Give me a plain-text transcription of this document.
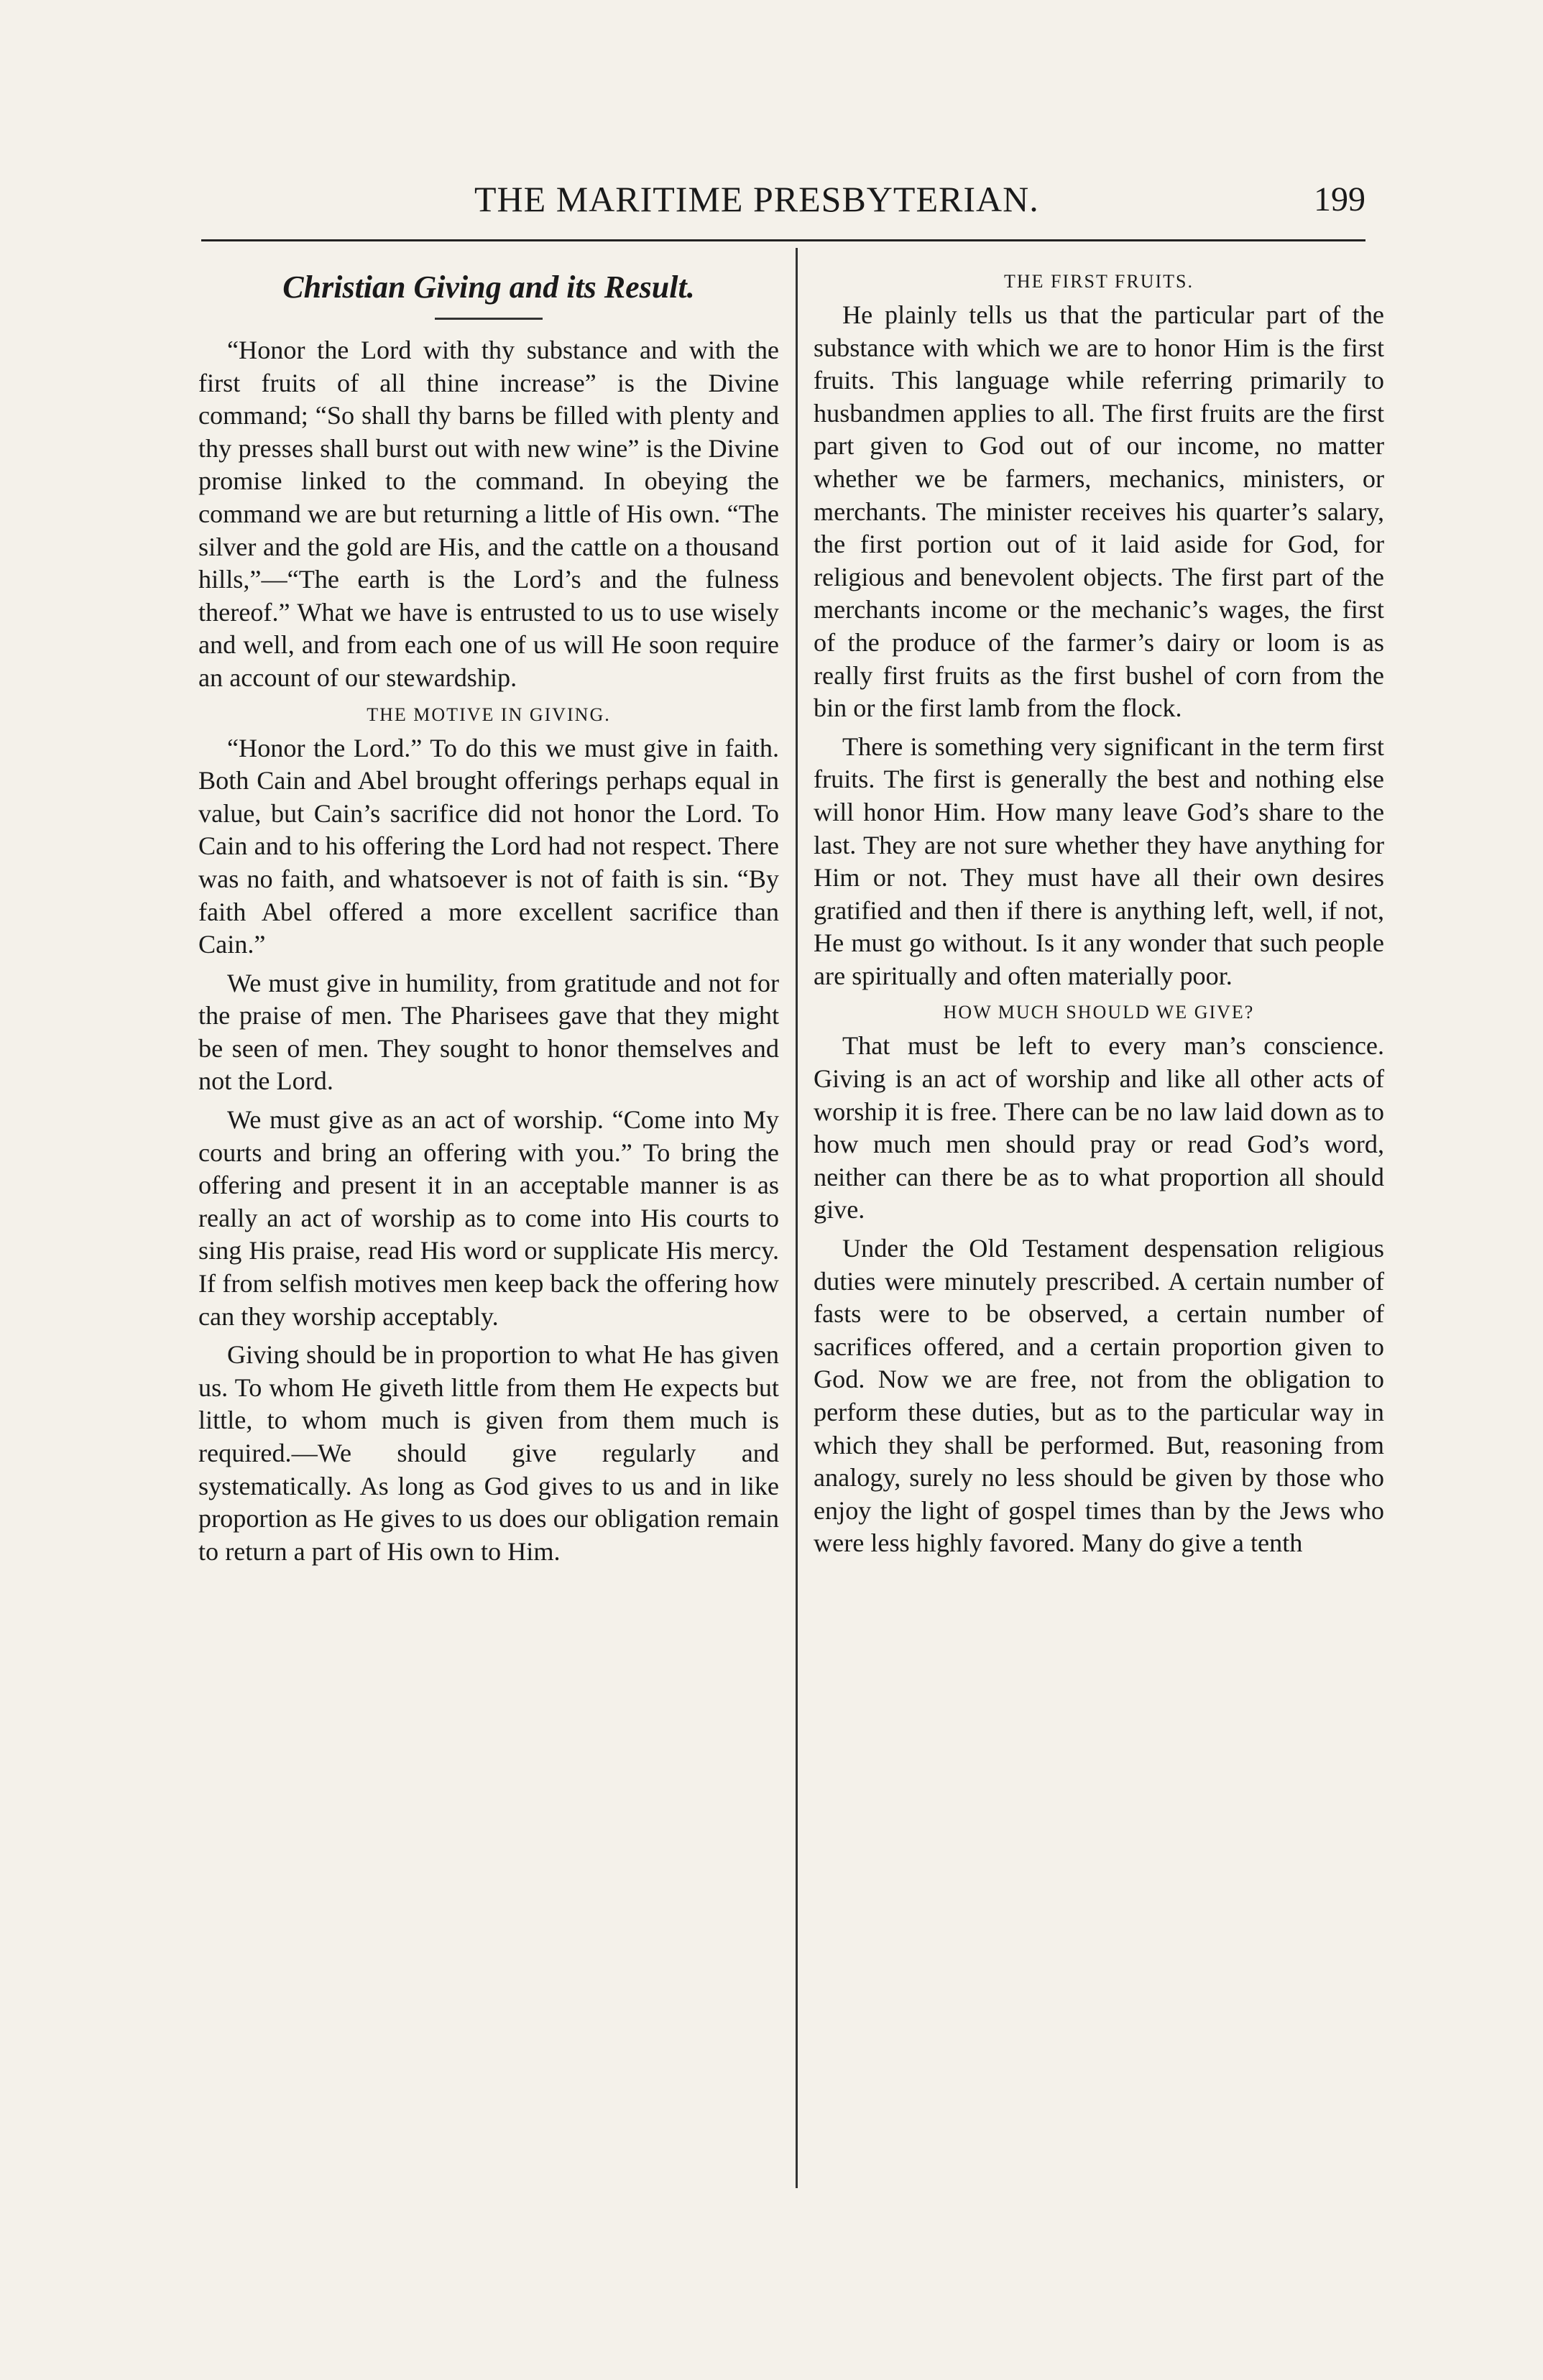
THE MARITIME PRESBYTERIAN.	199
Christian Giving and its Result.

“Honor the Lord with thy substance and with the first fruits of all thine increase” is the Divine command; “So shall thy barns be filled with plenty and thy presses shall burst out with new wine” is the Divine promise linked to the command. In obeying the command we are but returning a little of His own. “The silver and the gold are His, and the cattle on a thousand hills,”—“The earth is the Lord’s and the fulness thereof.” What we have is entrusted to us to use wisely and well, and from each one of us will He soon require an account of our stewardship.

THE MOTIVE IN GIVING.

“Honor the Lord.” To do this we must give in faith. Both Cain and Abel brought offerings perhaps equal in value, but Cain’s sacrifice did not honor the Lord. To Cain and to his offering the Lord had not respect. There was no faith, and whatsoever is not of faith is sin. “By faith Abel offered a more excellent sacrifice than Cain.”

We must give in humility, from gratitude and not for the praise of men. The Pharisees gave that they might be seen of men. They sought to honor themselves and not the Lord.

We must give as an act of worship. “Come into My courts and bring an offering with you.” To bring the offering and present it in an acceptable manner is as really an act of worship as to come into His courts to sing His praise, read His word or supplicate His mercy. If from selfish motives men keep back the offering how can they worship acceptably.

Giving should be in proportion to what He has given us. To whom He giveth little from them He expects but little, to whom much is given from them much is required.—We should give regularly and systematically. As long as God gives to us and in like proportion as He gives to us does our obligation remain to return a part of His own to Him.

THE FIRST FRUITS.

He plainly tells us that the particular part of the substance with which we are to honor Him is the first fruits. This language while referring primarily to husbandmen applies to all. The first fruits are the first part given to God out of our income, no matter whether we be farmers, mechanics, ministers, or merchants. The minister receives his quarter’s salary, the first portion out of it laid aside for God, for religious and benevolent objects. The first part of the merchants income or the mechanic’s wages, the first of the produce of the farmer’s dairy or loom is as really first fruits as the first bushel of corn from the bin or the first lamb from the flock.

There is something very significant in the term first fruits. The first is generally the best and nothing else will honor Him. How many leave God’s share to the last. They are not sure whether they have anything for Him or not. They must have all their own desires gratified and then if there is anything left, well, if not, He must go without. Is it any wonder that such people are spiritually and often materially poor.

HOW MUCH SHOULD WE GIVE?

That must be left to every man’s conscience. Giving is an act of worship and like all other acts of worship it is free. There can be no law laid down as to how much men should pray or read God’s word, neither can there be as to what proportion all should give.

Under the Old Testament despensation religious duties were minutely prescribed. A certain number of fasts were to be observed, a certain number of sacrifices offered, and a certain proportion given to God. Now we are free, not from the obligation to perform these duties, but as to the particular way in which they shall be performed. But, reasoning from analogy, surely no less should be given by those who enjoy the light of gospel times than by the Jews who were less highly favored. Many do give a tenth
